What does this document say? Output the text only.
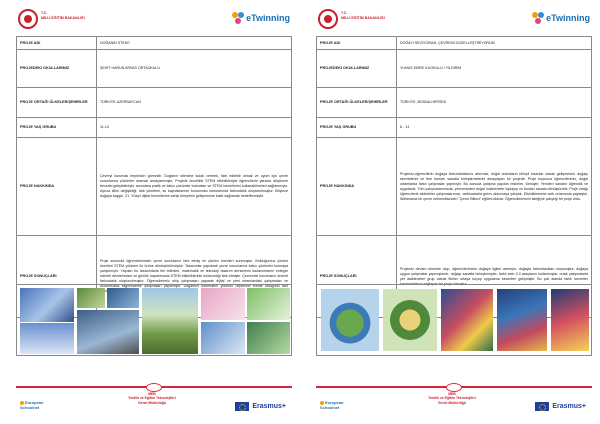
T.C.
MİLLÎ EĞİTİM BAKANLIĞI	eTwinning
PROJE ADI	DOĞANIN STEM'İ
PROJEDEKİ OKULLARIMIZ	ŞEHİT HARUN ARVAS ORTAOKULU
PROJE ORTAĞI ÜLKELER/ŞEHİRLER	TÜRKİYE-AZERBAYCAN
PROJE YAŞ GRUBU	11-14
PROJE HAKKINDA	Çevreyi korumak hepimizin görevidir. Doğanın sitemine kulak vermek, fark edebilir olmak ve uyum için çevre sorunlarına çözümler aramak amaçlanmıştır. Projede öncelikle STEM etkinlikleriyle öğrencilerin yaratıcı düşünme becerisi geliştirilmiştir, sorunlara pratik ve kalıcı çözümler bulmaları ve STEM becerilerini kullanabilmeleri sağlanmıştır. Ayrıca iklim değişikliği, atık yönetimi, su kaynaklarının korunması konularında farkındalık oluşturulmuştur. Böylece doğaya saygılı, 21. Yüzyıl dijital becerilerine sahip bireylerin gelişmesine katkı sağlamak hedeflenmiştir.
PROJE SONUÇLARI	Proje sonunda öğrencilerimizin çevre sorunlarını fark etmiş ve çözüm önerileri sunmuştur. Bulduğumuz çözüm önerileri STEM yöntemi ile ürüne dönüştürülmüştür. Tasarımlar yapılarak çevre sorunlarına kalıcı çözümler bulmaya çalışılmıştır. Yapılan bu tasarımlarla fen bilimleri, matematik ve teknoloji tasarım derslerinin kazanımlarını entegre ederek derslerimizin ve günlük hayatımızda STEM etkinliklerinin kullanıldığı fark etmiştir. Çevremizi korumanın önemli farkındalık oluşturulmuştur. Öğrencilerimiz ekip çalışmaları yaparak dijital ve yeni ortamlardaki çalışmaları ve okulumuzda bilgilendirme çalışmaları yapılmıştır. Doğamızı korumanın yolunun hepimizin elinde olduğunu fark
MEB
Yenilik ve Eğitim Teknolojileri
Genel Müdürlüğü
European Schoolnet	Erasmus+
T.C.
MİLLÎ EĞİTİM BAKANLIĞI	eTwinning
PROJE ADI	DOĞAYI SEVİYORUM, ÇEVREMİ GÜZELLEŞTİRİYORUM
PROJEDEKİ OKULLARIMIZ	YUNUS EMRE İLKOKULU / YILDIRIM
PROJE ORTAĞI ÜLKELER/ŞEHİRLER	TÜRKİYE, BOSNA-HERSEK
PROJE YAŞ GRUBU	6 - 14
PROJE HAKKINDA	Projemiz,öğrencilerin doğaya farkındalıklarını artırmak, doğal ortamların bilinçli insanlar olarak gelişmesini, doğayı sevmelerini ve tüm bunları sanatla birleştirmelerini amaçlayan bir projedir. Proje boyunca öğrencilerimiz, doğal ortamlarda farklı çalışmalar yapmıştır. Bu konuda çalışma yapılan resimler, tümüyle; Yeniden sanatın öğrendik ve uyguladık. Tüm çalışmalarımızda, çevremizden doğal malzemeler toplayıp ve bunları sanata dönüştürdük. Proje ortağı öğrencilerle aktiviteler çalışmalarımızı, webinarlarla görev aldırmaya çalıştık. Etkinliklerimizi web ortamında paylaştık. Webinarda bir çevre mühendisinden "Çevre Bilinci" eğitimi aldılar. Öğrencilerimizin isteğiyle çalıştığı bir proje oldu.
PROJE SONUÇLARI	Projemiz devam etmekte olup, öğrencilerimizin doğaya ilgileri artmıştır, doğayla farkındalıkları oluşmuştur, doğaya uygun çalışmalar yapmışlardır, doğayı sanatla birleştirmişler, farklı web 2.0 araçlarını kullanmışlar, ortak çalışmalarla yer alabilmeleri grup olarak fikirler ortaya koyup uygulama becerileri gelişmiştir. Bu çok alanda farklı beceriler kazanmalarını sağlayan bir proje olmuştur.
MEB
Yenilik ve Eğitim Teknolojileri
Genel Müdürlüğü
European Schoolnet	Erasmus+
